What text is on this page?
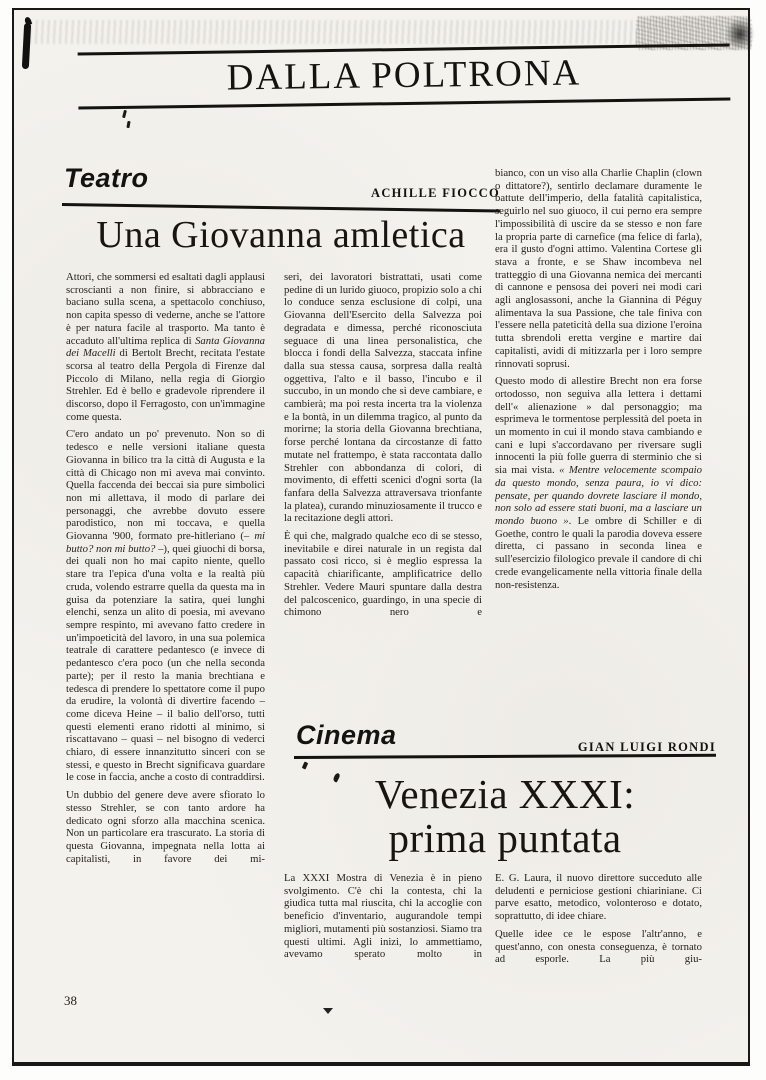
DALLA POLTRONA
Teatro	ACHILLE FIOCCO
Una Giovanna amletica

Attori, che sommersi ed esaltati dagli applausi scroscianti a non finire, si abbracciano e baciano sulla scena, a spettacolo conchiuso, non capita spesso di vederne, anche se l'attore è per natura facile al trasporto. Ma tanto è accaduto all'ultima replica di Santa Giovanna dei Macelli di Bertolt Brecht, recitata l'estate scorsa al teatro della Pergola di Firenze dal Piccolo di Milano, nella regia di Giorgio Strehler. Ed è bello e gradevole riprendere il discorso, dopo il Ferragosto, con un'immagine come questa.

C'ero andato un po' prevenuto. Non so di tedesco e nelle versioni italiane questa Giovanna in bilico tra la città di Augusta e la città di Chicago non mi aveva mai convinto. Quella faccenda dei beccai sia pure simbolici non mi allettava, il modo di parlare dei personaggi, che avrebbe dovuto essere parodistico, non mi toccava, e quella Giovanna '900, formato pre-hitleriano (– mi butto? non mi butto? –), quei giuochi di borsa, dei quali non ho mai capito niente, quello stare tra l'epica d'una volta e la realtà più cruda, volendo estrarre quella da questa ma in guisa da potenziare la satira, quei lunghi elenchi, senza un alito di poesia, mi avevano sempre respinto, mi avevano fatto credere in un'impoeticità del lavoro, in una sua polemica teatrale di carattere pedantesco (e invece di pedantesco c'era poco (un che nella seconda parte); per il resto la mania brechtiana e tedesca di prendere lo spettatore come il pupo da erudire, la volontà di divertire facendo – come diceva Heine – il balio dell'orso, tutti questi elementi erano ridotti al minimo, si riscattavano – quasi – nel bisogno di vederci chiaro, di essere innanzitutto sinceri con se stessi, e questo in Brecht significava guardare le cose in faccia, anche a costo di contraddirsi.

Un dubbio del genere deve avere sfiorato lo stesso Strehler, se con tanto ardore ha dedicato ogni sforzo alla macchina scenica. Non un particolare era trascurato. La storia di questa Giovanna, impegnata nella lotta ai capitalisti, in favore dei mi-

seri, dei lavoratori bistrattati, usati come pedine di un lurido giuoco, propizio solo a chi lo conduce senza esclusione di colpi, una Giovanna dell'Esercito della Salvezza poi degradata e dimessa, perché riconosciuta seguace di una linea personalistica, che blocca i fondi della Salvezza, staccata infine dalla sua stessa causa, sorpresa dalla realtà oggettiva, l'alto e il basso, l'incubo e il succubo, in un mondo che si deve cambiare, e cambierà; ma poi resta incerta tra la violenza e la bontà, in un dilemma tragico, al punto da morirne; la storia della Giovanna brechtiana, forse perché lontana da circostanze di fatto mutate nel frattempo, è stata raccontata dallo Strehler con abbondanza di colori, di movimento, di effetti scenici d'ogni sorta (la fanfara della Salvezza attraversava trionfante la platea), curando minuziosamente il trucco e la recitazione degli attori.

È qui che, malgrado qualche eco di se stesso, inevitabile e direi naturale in un regista dal passato così ricco, si è meglio espressa la capacità chiarificante, amplificatrice dello Strehler. Vedere Mauri spuntare dalla destra del palcoscenico, guardingo, in una specie di chimono nero e

bianco, con un viso alla Charlie Chaplin (clown o dittatore?), sentirlo declamare duramente le battute dell'imperio, della fatalità capitalistica, seguirlo nel suo giuoco, il cui perno era sempre l'impossibilità di uscire da se stesso e non fare la propria parte di carnefice (ma felice di farla), era il gusto d'ogni attimo. Valentina Cortese gli stava a fronte, e se Shaw incombeva nel tratteggio di una Giovanna nemica dei mercanti di cannone e pensosa dei poveri nei modi cari agli anglosassoni, anche la Giannina di Péguy alimentava la sua Passione, che tale finiva con l'essere nella pateticità della sua dizione l'eroina tutta sbrendoli eretta vergine e martire dai capitalisti, avidi di mitizzarla per i loro sempre rinnovati soprusi.

Questo modo di allestire Brecht non era forse ortodosso, non seguiva alla lettera i dettami dell'« alienazione » dal personaggio; ma esprimeva le tormentose perplessità del poeta in un momento in cui il mondo stava cambiando e cani e lupi s'accordavano per riversare sugli innocenti la più folle guerra di sterminio che si sia mai vista. « Mentre velocemente scompaio da questo mondo, senza paura, io vi dico: pensate, per quando dovrete lasciare il mondo, non solo ad essere stati buoni, ma a lasciare un mondo buono ». Le ombre di Schiller e di Goethe, contro le quali la parodia doveva essere diretta, ci passano in seconda linea e sull'esercizio filologico prevale il candore di chi crede evangelicamente nella vittoria finale della non-resistenza.

Cinema	GIAN LUIGI RONDI
Venezia XXXI:
prima puntata

La XXXI Mostra di Venezia è in pieno svolgimento. C'è chi la contesta, chi la giudica tutta mal riuscita, chi la accoglie con beneficio d'inventario, augurandole tempi migliori, mutamenti più sostanziosi. Siamo tra questi ultimi. Agli inizi, lo ammettiamo, avevamo sperato molto in

E. G. Laura, il nuovo direttore succeduto alle deludenti e perniciose gestioni chiariniane. Ci parve esatto, metodico, volonteroso e dotato, soprattutto, di idee chiare.

Quelle idee ce le espose l'altr'anno, e quest'anno, con onesta conseguenza, è tornato ad esporle. La più giu-

38
